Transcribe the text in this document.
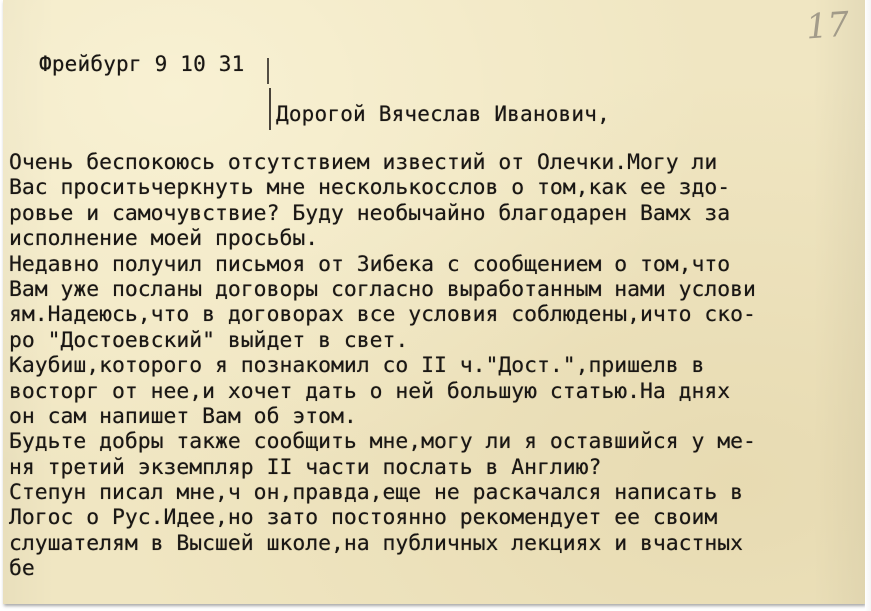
17

Фрейбург 9 10 31

Дорогой Вячеслав Иванович,

Очень беспокоюсь отсутствием известий от Олечки.Могу ли
Вас проситьчеркнуть мне несколькосслов о том,как ее здо-
ровье и самочувствие? Буду необычайно благодарен Вамх за
исполнение моей просьбы.
Недавно получил письмоя от Зибека с сообщением о том,что
Вам уже посланы договоры согласно выработанным нами услови
ям.Надеюсь,что в договорах все условия соблюдены,ичто ско-
ро "Достоевский" выйдет в свет.
Каубиш,которого я познакомил со II ч."Дост.",пришелв в
восторг от нее,и хочет дать о ней большую статью.На днях
он сам напишет Вам об этом.
Будьте добры также сообщить мне,могу ли я оставшийся у ме-
ня третий экземпляр II части послать в Англию?
Степун писал мне,ч он,правда,еще не раскачался написать в
Логос о Рус.Идее,но зато постоянно рекомендует ее своим
слушателям в Высшей школе,на публичных лекциях и вчастных
бе
